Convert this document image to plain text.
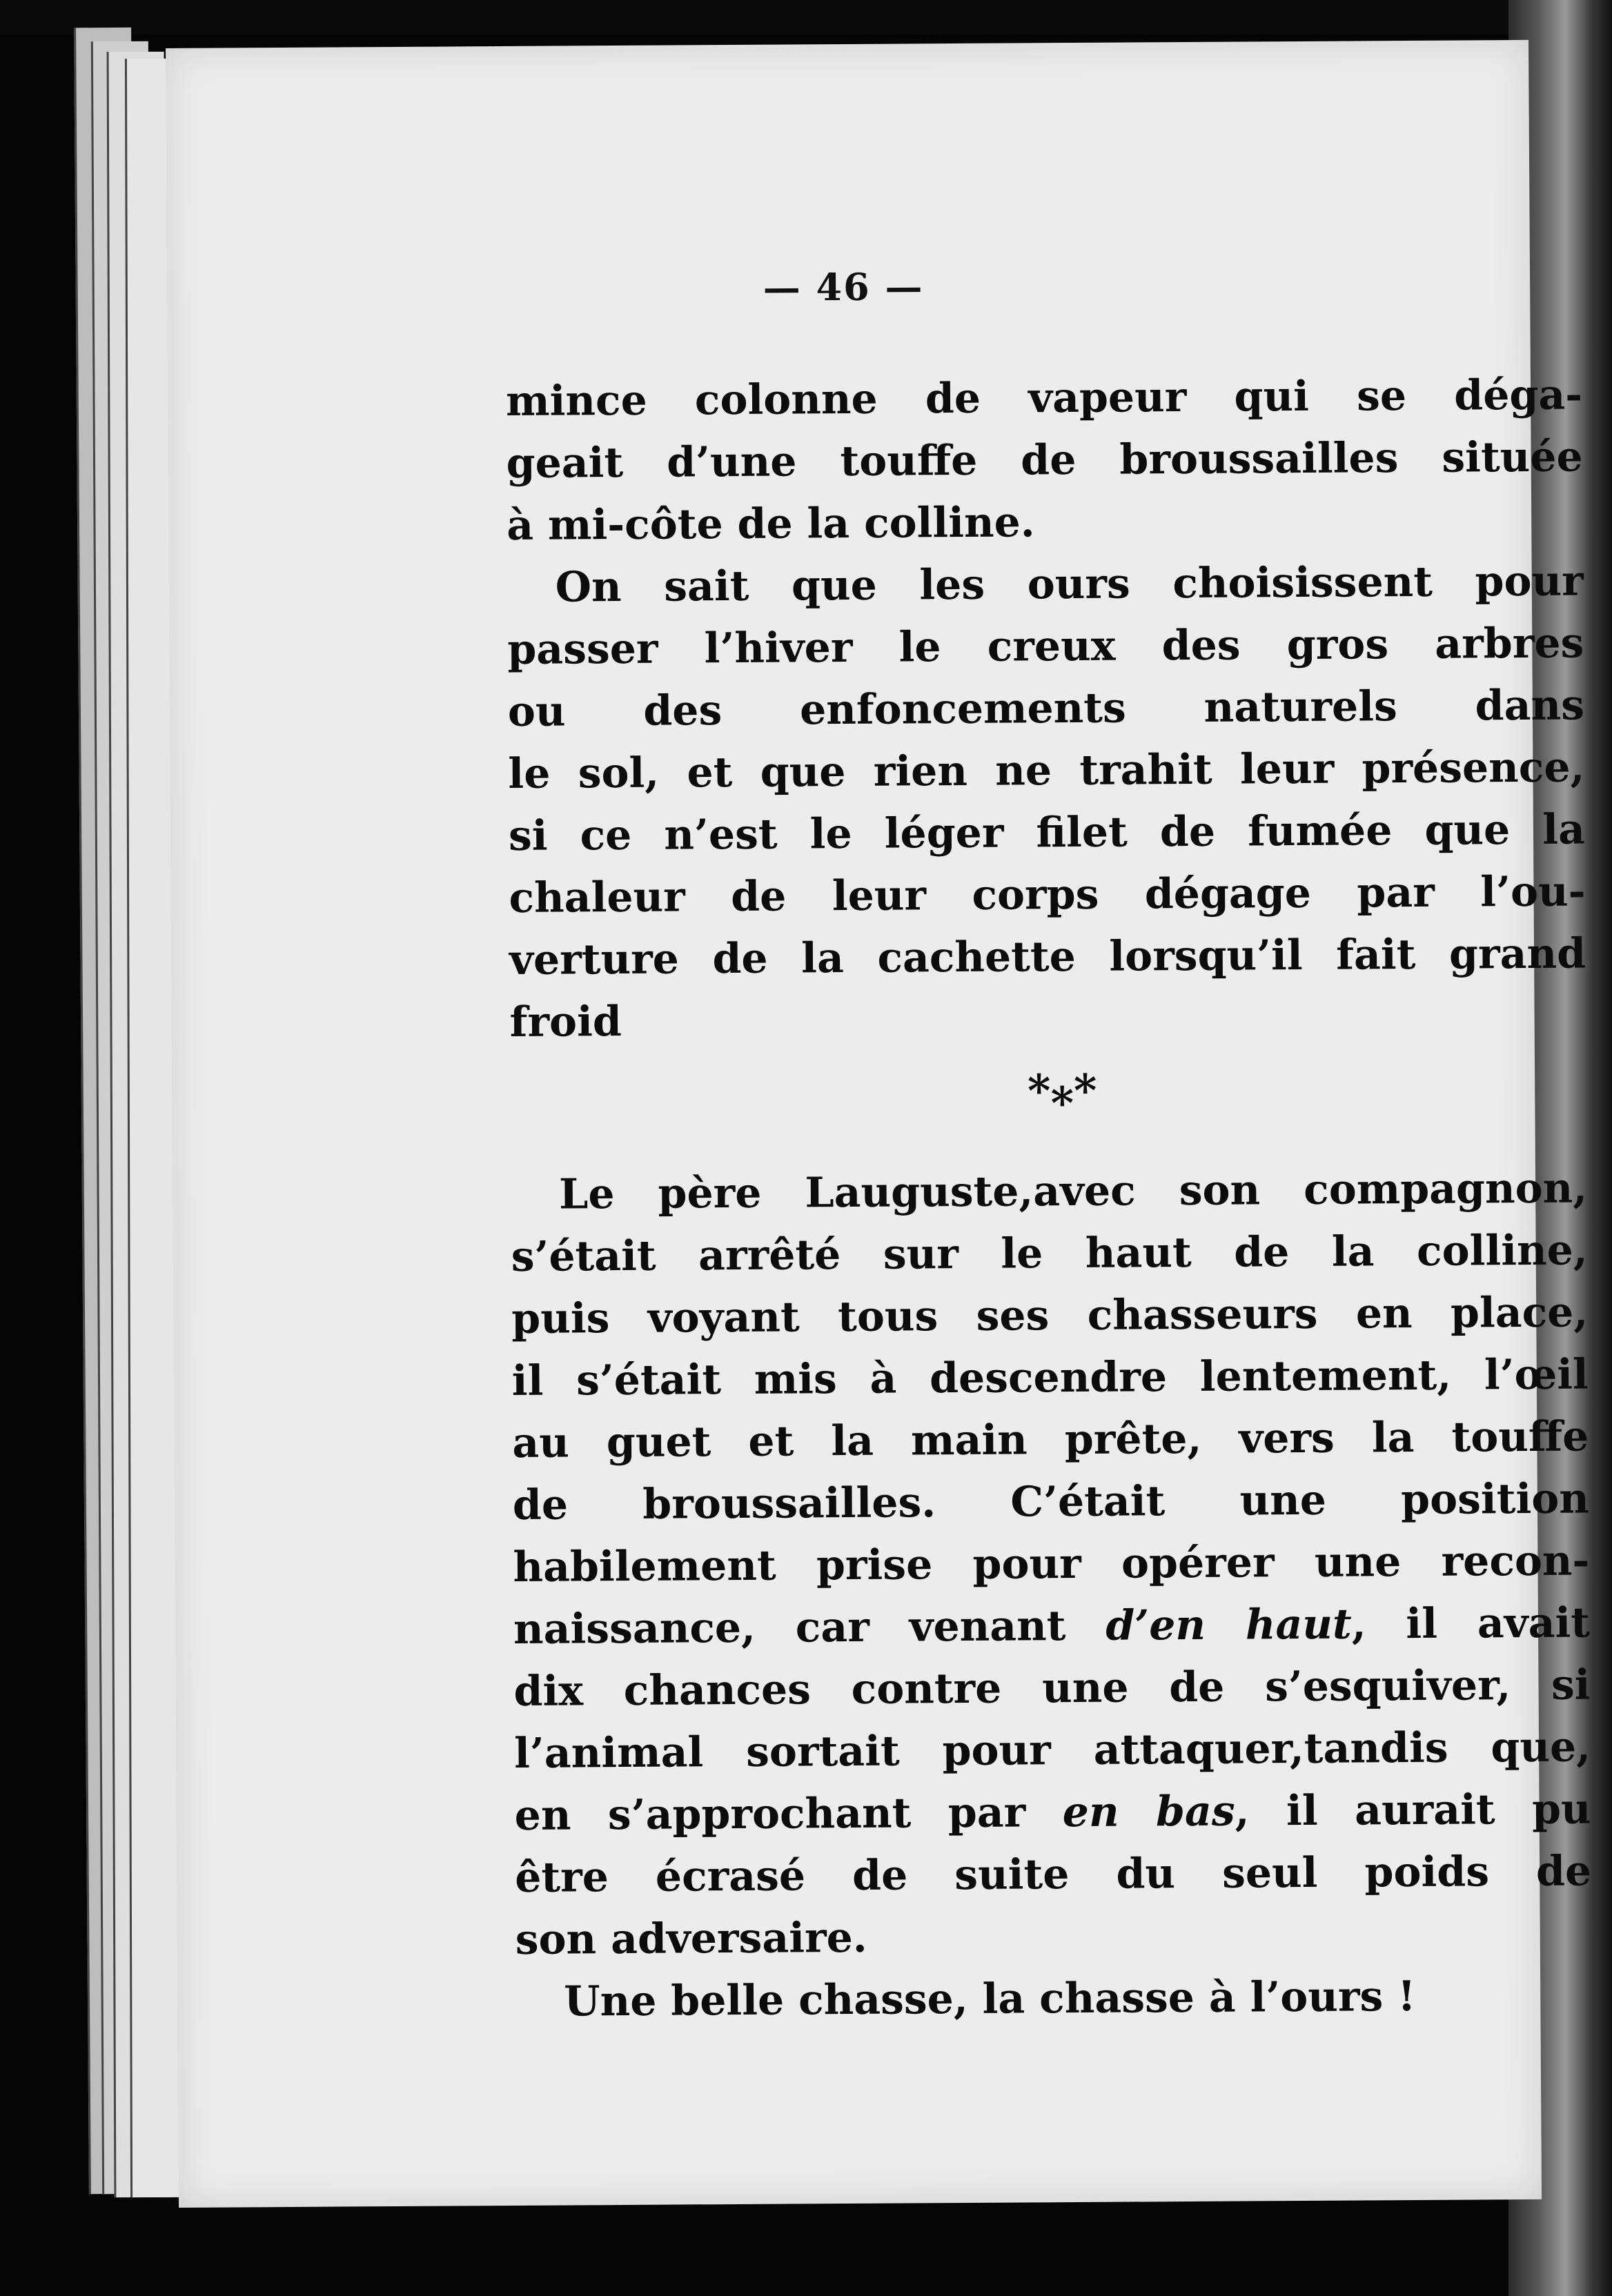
— 46 —

mince colonne de vapeur qui se déga-
geait d’une touffe de broussailles située
à mi-côte de la colline.

On sait que les ours choisissent pour
passer l’hiver le creux des gros arbres
ou des enfoncements naturels dans
le sol, et que rien ne trahit leur présence,
si ce n’est le léger filet de fumée que la
chaleur de leur corps dégage par l’ou-
verture de la cachette lorsqu’il fait grand
froid

***

Le père Lauguste,avec son compagnon,
s’était arrêté sur le haut de la colline,
puis voyant tous ses chasseurs en place,
il s’était mis à descendre lentement, l’œil
au guet et la main prête, vers la touffe
de broussailles. C’était une position
habilement prise pour opérer une recon-
naissance, car venant d’en haut, il avait
dix chances contre une de s’esquiver, si
l’animal sortait pour attaquer,tandis que,
en s’approchant par en bas, il aurait pu
être écrasé de suite du seul poids de
son adversaire.

Une belle chasse, la chasse à l’ours !
